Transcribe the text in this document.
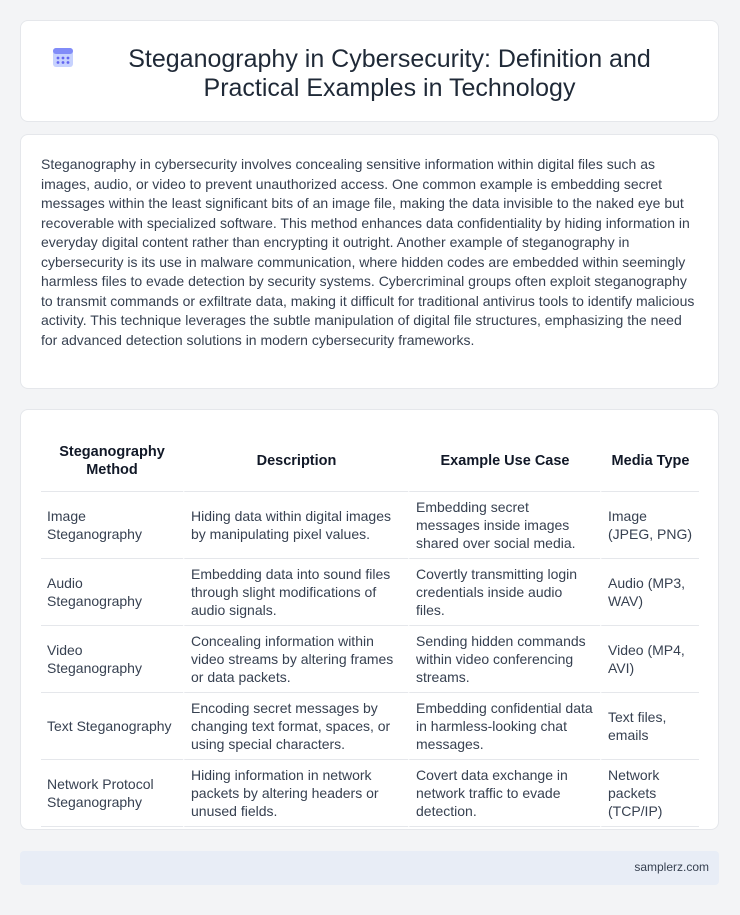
Steganography in Cybersecurity: Definition and Practical Examples in Technology

Steganography in cybersecurity involves concealing sensitive information within digital files such as images, audio, or video to prevent unauthorized access. One common example is embedding secret messages within the least significant bits of an image file, making the data invisible to the naked eye but recoverable with specialized software. This method enhances data confidentiality by hiding information in everyday digital content rather than encrypting it outright. Another example of steganography in cybersecurity is its use in malware communication, where hidden codes are embedded within seemingly harmless files to evade detection by security systems. Cybercriminal groups often exploit steganography to transmit commands or exfiltrate data, making it difficult for traditional antivirus tools to identify malicious activity. This technique leverages the subtle manipulation of digital file structures, emphasizing the need for advanced detection solutions in modern cybersecurity frameworks.

Steganography Method	Description	Example Use Case	Media Type
Image Steganography	Hiding data within digital images by manipulating pixel values.	Embedding secret messages inside images shared over social media.	Image (JPEG, PNG)
Audio Steganography	Embedding data into sound files through slight modifications of audio signals.	Covertly transmitting login credentials inside audio files.	Audio (MP3, WAV)
Video Steganography	Concealing information within video streams by altering frames or data packets.	Sending hidden commands within video conferencing streams.	Video (MP4, AVI)
Text Steganography	Encoding secret messages by changing text format, spaces, or using special characters.	Embedding confidential data in harmless-looking chat messages.	Text files, emails
Network Protocol Steganography	Hiding information in network packets by altering headers or unused fields.	Covert data exchange in network traffic to evade detection.	Network packets (TCP/IP)
samplerz.com
